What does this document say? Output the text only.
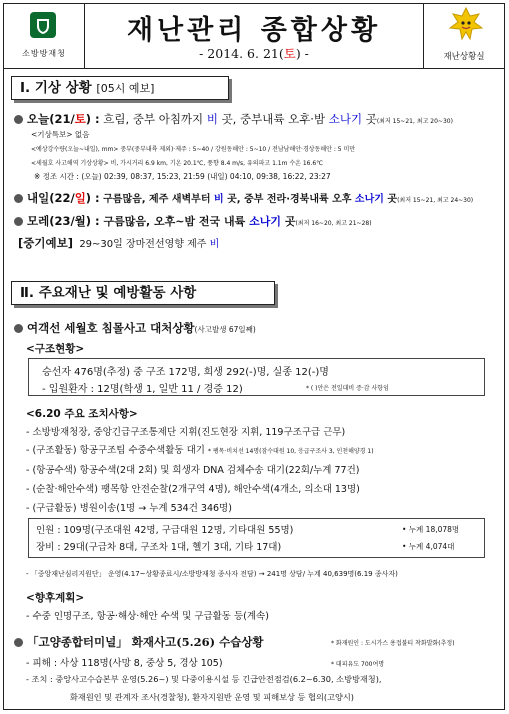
소방방재청
재난관리 종합상황
- 2014. 6. 21(토) -	재난상황실
Ⅰ. 기상 상황 [05시 예보]
오늘(21/토) : 흐림, 중부 아침까지 비 곳, 중부내륙 오후·밤 소나기 곳(최저 15~21, 최고 20~30)
<기상특보> 없음
<예상강수량(오늘~내일), mm> 중부(중부내륙 제외)·제주 : 5~40 / 강원동해안 : 5~10 / 전남남해안·경상동해안 : 5 미만
<세월호 사고해역 기상상황> 비, 가시거리 6.9 km, 기온 20.1℃, 풍향 8.4 m/s, 유의파고 1.1m 수온 16.6℃
※ 정조 시간 : (오늘) 02:39, 08:37, 15:23, 21:59 (내일) 04:10, 09:38, 16:22, 23:27
내일(22/일) : 구름많음, 제주 새벽부터 비 곳, 중부 전라·경북내륙 오후 소나기 곳(최저 15~21, 최고 24~30)
모레(23/월) : 구름많음, 오후~밤 전국 내륙 소나기 곳(최저 16~20, 최고 21~28)
[중기예보] 29~30일 장마전선영향 제주 비
Ⅱ. 주요재난 및 예방활동 사항
여객선 세월호 침몰사고 대처상황(사고발생 67일째)
<구조현황>
승선자 476명(추정) 중 구조 172명, 희생 292(-)명, 실종 12(-)명
- 입원환자 : 12명(학생 1, 일반 11 / 경증 12)	* ( )안은 전일대비 증·감 사항임
<6.20 주요 조치사항>
- 소방방재청장, 중앙긴급구조통제단 지휘(진도현장 지휘, 119구조구급 근무)
- (구조활동) 항공구조팀 수중수색활동 대기 * 팽목·비치선 14명(잠수대원 10, 응급구조사 3, 인천해양경 1)
- (항공수색) 항공수색(2대 2회) 및 희생자 DNA 검체수송 대기(22회/누계 77건)
- (순찰·해안수색) 팽목항 안전순찰(2개구역 4명), 해안수색(4개소, 의소대 13명)
- (구급활동) 병원이송(1명 → 누계 534건 346명)
인원 : 109명(구조대원 42명, 구급대원 12명, 기타대원 55명)	• 누계 18,078명
장비 : 29대(구급차 8대, 구조차 1대, 헬기 3대, 기타 17대)	• 누계 4,074대
- 「중앙재난심리지원단」 운영(4.17~상황종료시/소방방재청 종사자 전담) → 241명 상담/ 누계 40,639명(6.19 종사자)
<향후계획>
- 수중 인명구조, 항공·해상·해안 수색 및 구급활동 등(계속)
「고양종합터미널」 화재사고(5.26) 수습상황	* 화재원인 : 도시가스 용접불티 착화발화(추정)
- 피해 : 사상 118명(사망 8, 중상 5, 경상 105)	* 대피유도 700여명
- 조치 : 중앙사고수습본부 운영(5.26~) 및 다중이용시설 등 긴급안전점검(6.2~6.30, 소방방재청),
화재원인 및 관계자 조사(경찰청), 환자지원반 운영 및 피해보상 등 협의(고양시)
